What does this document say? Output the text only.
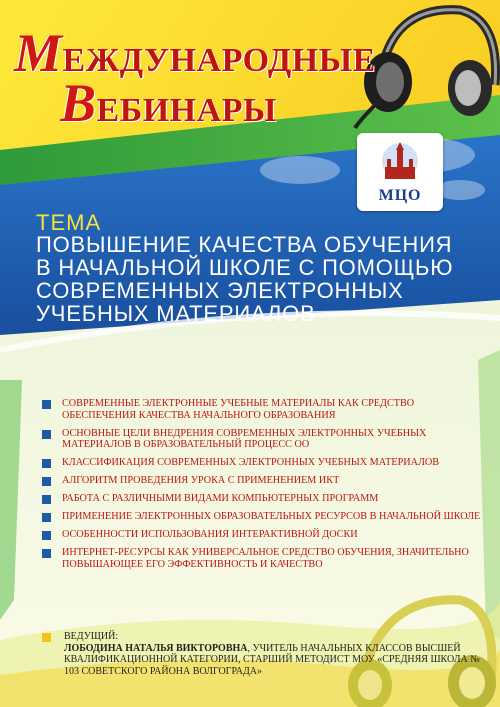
МЕЖДУНАРОДНЫЕ
ВЕБИНАРЫ
МЦО
ТЕМА
ПОВЫШЕНИЕ КАЧЕСТВА ОБУЧЕНИЯ
В НАЧАЛЬНОЙ ШКОЛЕ С ПОМОЩЬЮ
СОВРЕМЕННЫХ ЭЛЕКТРОННЫХ
УЧЕБНЫХ МАТЕРИАЛОВ
СОВРЕМЕННЫЕ ЭЛЕКТРОННЫЕ УЧЕБНЫЕ МАТЕРИАЛЫ КАК СРЕДСТВО ОБЕСПЕЧЕНИЯ КАЧЕСТВА НАЧАЛЬНОГО ОБРАЗОВАНИЯ
ОСНОВНЫЕ ЦЕЛИ ВНЕДРЕНИЯ СОВРЕМЕННЫХ ЭЛЕКТРОННЫХ УЧЕБНЫХ МАТЕРИАЛОВ В ОБРАЗОВАТЕЛЬНЫЙ ПРОЦЕСС ОО
КЛАССИФИКАЦИЯ СОВРЕМЕННЫХ ЭЛЕКТРОННЫХ УЧЕБНЫХ МАТЕРИАЛОВ
АЛГОРИТМ ПРОВЕДЕНИЯ УРОКА С ПРИМЕНЕНИЕМ ИКТ
РАБОТА С РАЗЛИЧНЫМИ ВИДАМИ КОМПЬЮТЕРНЫХ ПРОГРАММ
ПРИМЕНЕНИЕ ЭЛЕКТРОННЫХ ОБРАЗОВАТЕЛЬНЫХ РЕСУРСОВ В НАЧАЛЬНОЙ ШКОЛЕ
ОСОБЕННОСТИ ИСПОЛЬЗОВАНИЯ ИНТЕРАКТИВНОЙ ДОСКИ
ИНТЕРНЕТ-РЕСУРСЫ КАК УНИВЕРСАЛЬНОЕ СРЕДСТВО ОБУЧЕНИЯ, ЗНАЧИТЕЛЬНО ПОВЫШАЮЩЕЕ ЕГО ЭФФЕКТИВНОСТЬ И КАЧЕСТВО
ВЕДУЩИЙ:
ЛОБОДИНА НАТАЛЬЯ ВИКТОРОВНА, УЧИТЕЛЬ НАЧАЛЬНЫХ КЛАССОВ ВЫСШЕЙ КВАЛИФИКАЦИОННОЙ КАТЕГОРИИ, СТАРШИЙ МЕТОДИСТ МОУ «СРЕДНЯЯ ШКОЛА № 103 СОВЕТСКОГО РАЙОНА ВОЛГОГРАДА»
